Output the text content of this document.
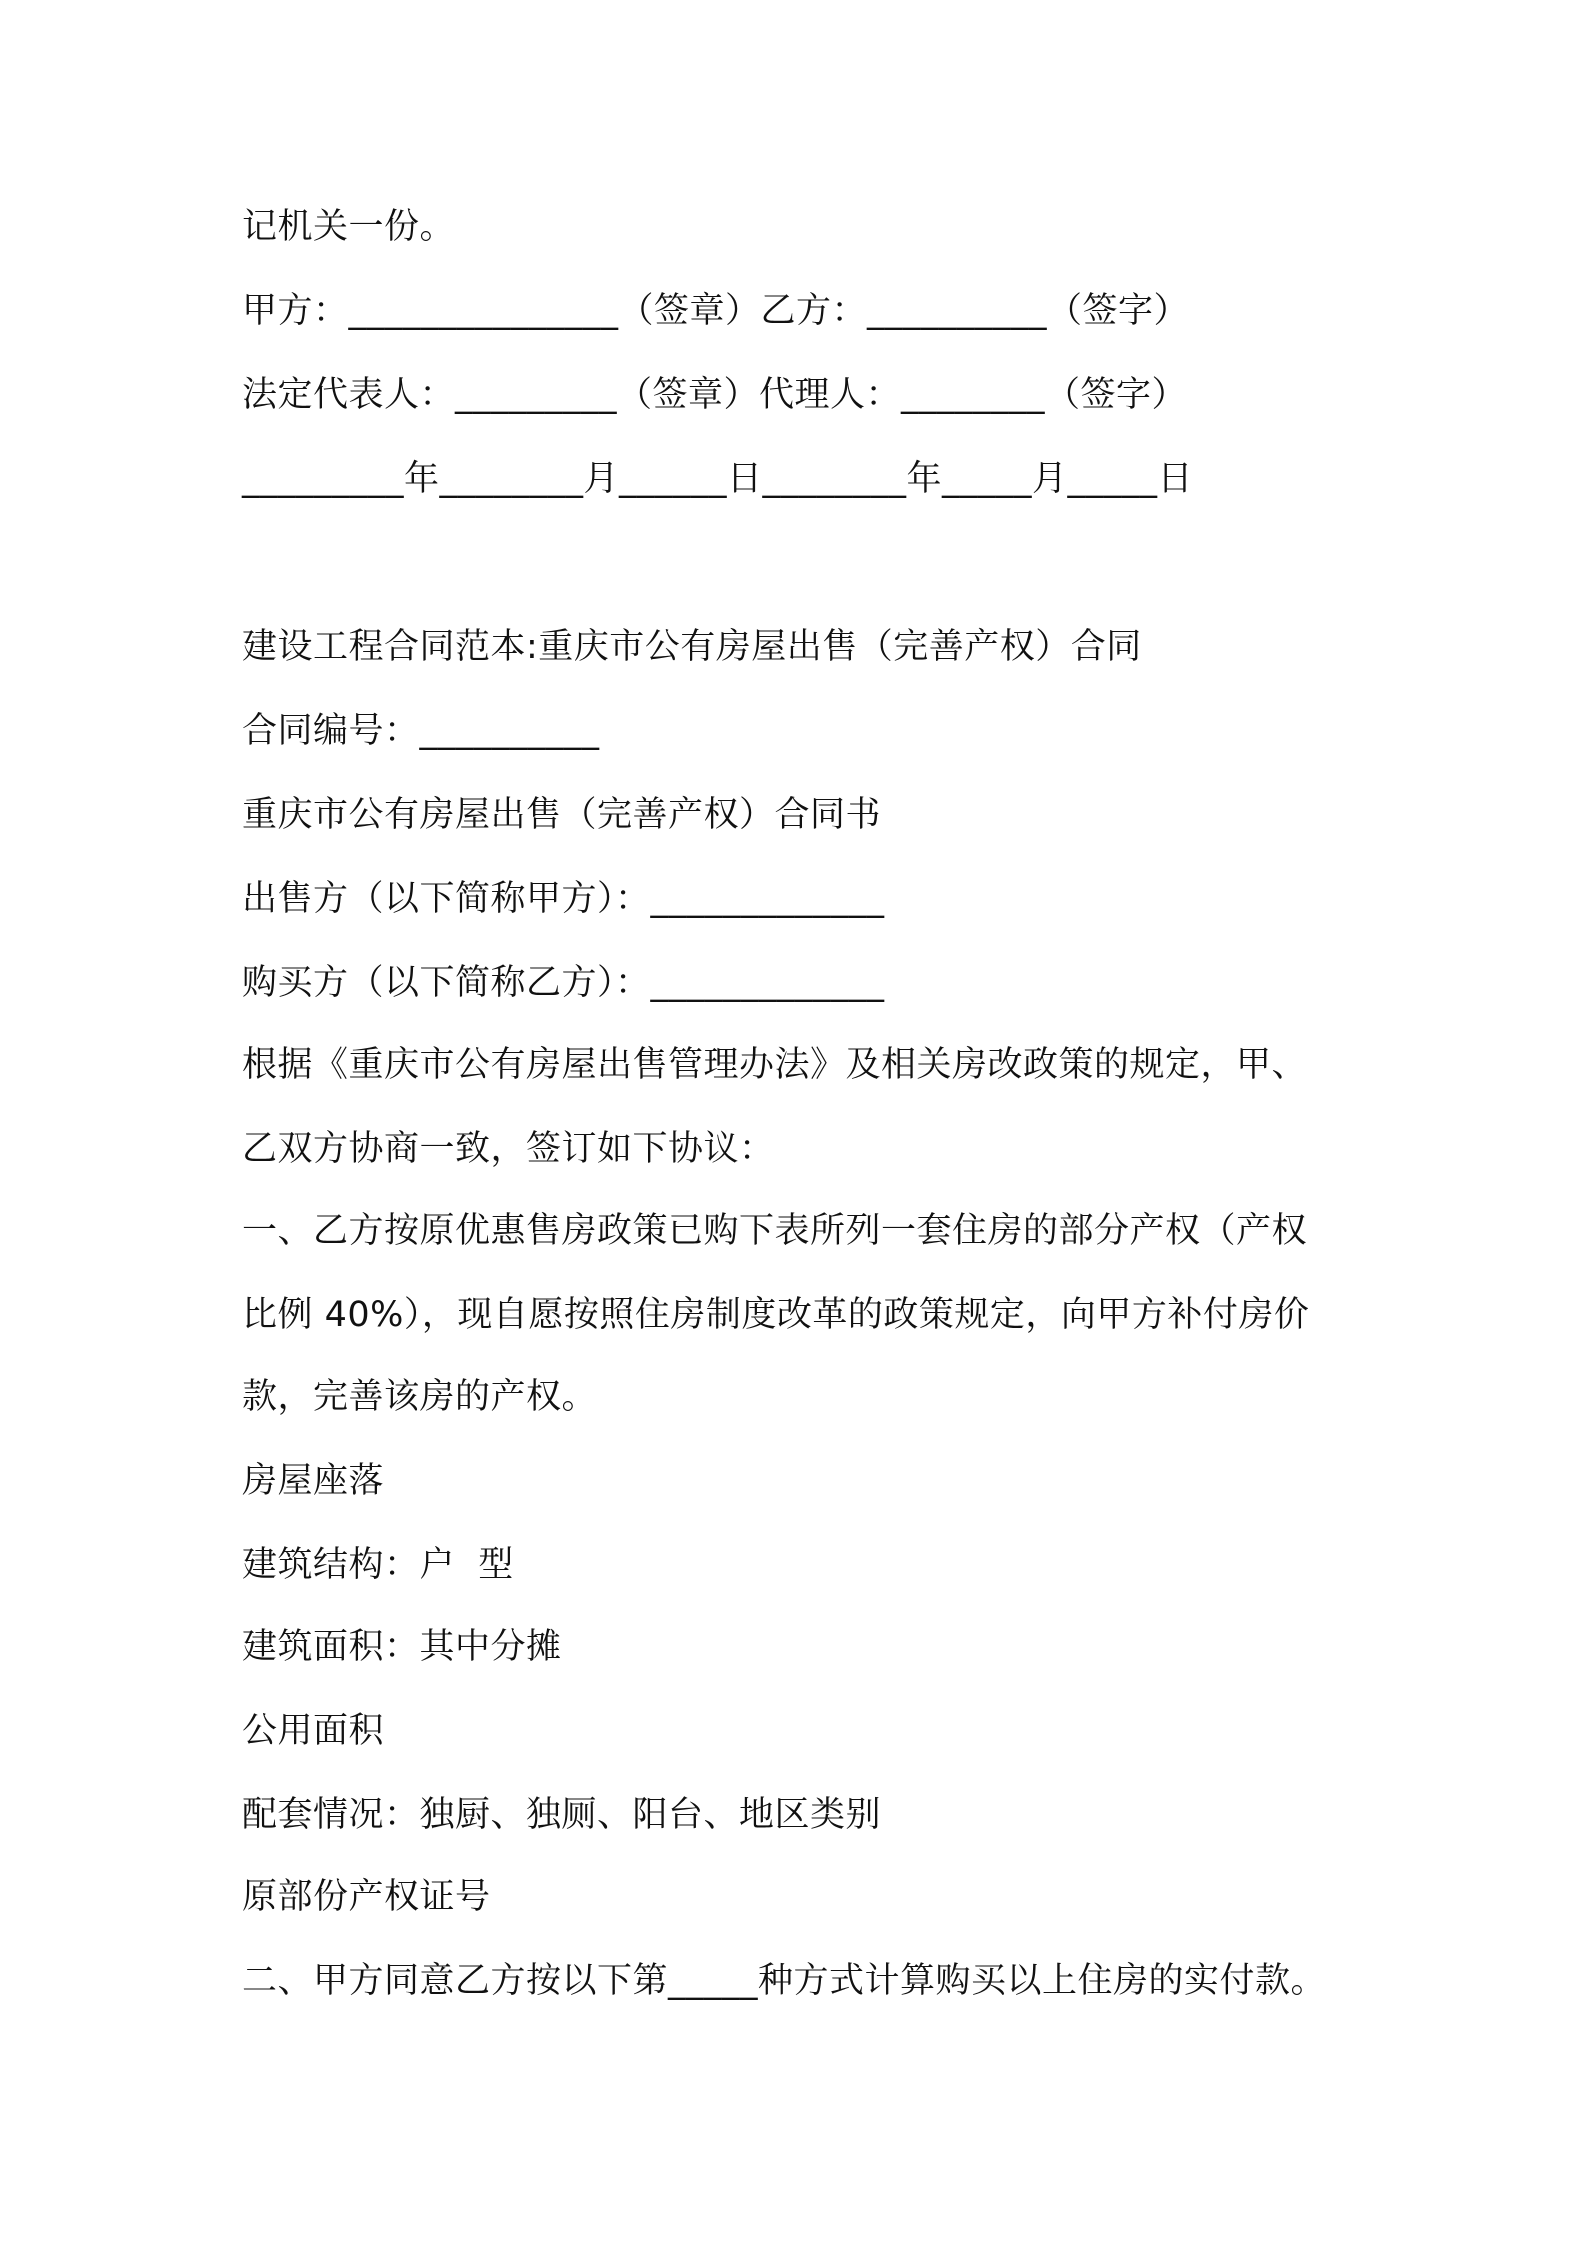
记机关一份。

甲方：_______________（签章）乙方：__________（签字）

法定代表人：_________（签章）代理人：________（签字）

_________年________月______日________年_____月_____日

建设工程合同范本:重庆市公有房屋出售（完善产权）合同

合同编号：__________

重庆市公有房屋出售（完善产权）合同书

出售方（以下简称甲方）：_____________

购买方（以下简称乙方）：_____________

根据《重庆市公有房屋出售管理办法》及相关房改政策的规定，甲、

乙双方协商一致，签订如下协议：

一、乙方按原优惠售房政策已购下表所列一套住房的部分产权（产权

比例 40%），现自愿按照住房制度改革的政策规定，向甲方补付房价

款，完善该房的产权。

房屋座落

建筑结构：户  型

建筑面积：其中分摊

公用面积

配套情况：独厨、独厕、阳台、地区类别

原部份产权证号

二、甲方同意乙方按以下第_____种方式计算购买以上住房的实付款。
